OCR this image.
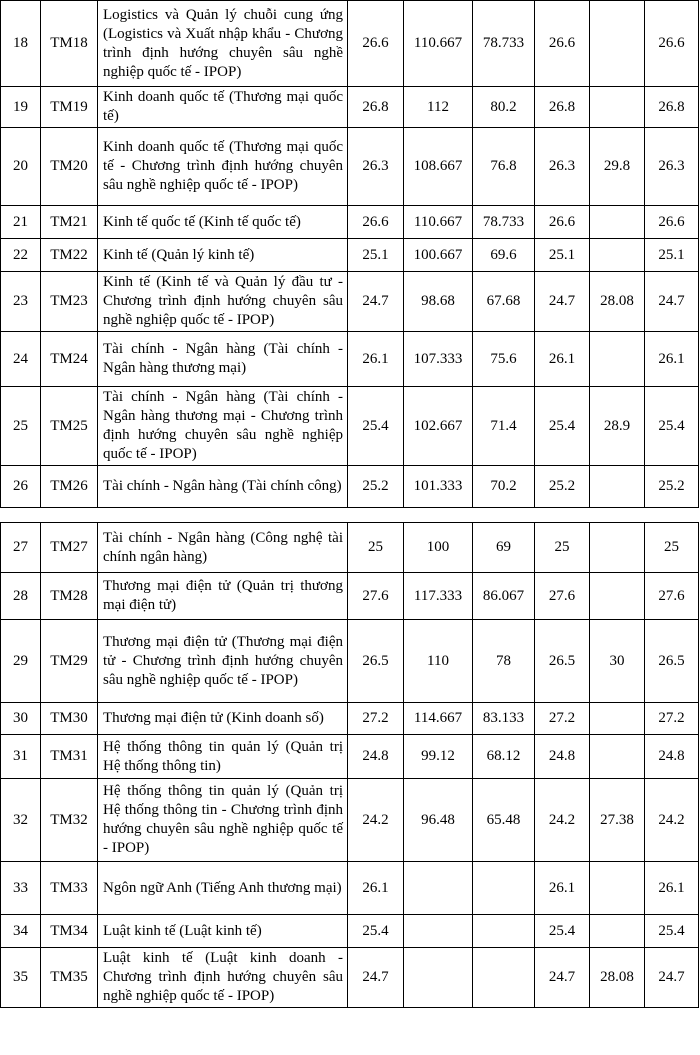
18	TM18	Logistics và Quản lý chuỗi cung ứng (Logistics và Xuất nhập khẩu - Chương trình định hướng chuyên sâu nghề nghiệp quốc tế - IPOP)	26.6	110.667	78.733	26.6		26.6
19	TM19	Kinh doanh quốc tế (Thương mại quốc tế)	26.8	112	80.2	26.8		26.8
20	TM20	Kinh doanh quốc tế (Thương mại quốc tế - Chương trình định hướng chuyên sâu nghề nghiệp quốc tế - IPOP)	26.3	108.667	76.8	26.3	29.8	26.3
21	TM21	Kinh tế quốc tế (Kinh tế quốc tế)	26.6	110.667	78.733	26.6		26.6
22	TM22	Kinh tế (Quản lý kinh tế)	25.1	100.667	69.6	25.1		25.1
23	TM23	Kinh tế (Kinh tế và Quản lý đầu tư - Chương trình định hướng chuyên sâu nghề nghiệp quốc tế - IPOP)	24.7	98.68	67.68	24.7	28.08	24.7
24	TM24	Tài chính - Ngân hàng (Tài chính - Ngân hàng thương mại)	26.1	107.333	75.6	26.1		26.1
25	TM25	Tài chính - Ngân hàng (Tài chính - Ngân hàng thương mại - Chương trình định hướng chuyên sâu nghề nghiệp quốc tế - IPOP)	25.4	102.667	71.4	25.4	28.9	25.4
26	TM26	Tài chính - Ngân hàng (Tài chính công)	25.2	101.333	70.2	25.2		25.2
27	TM27	Tài chính - Ngân hàng (Công nghệ tài chính ngân hàng)	25	100	69	25		25
28	TM28	Thương mại điện tử (Quản trị thương mại điện tử)	27.6	117.333	86.067	27.6		27.6
29	TM29	Thương mại điện tử (Thương mại điện tử - Chương trình định hướng chuyên sâu nghề nghiệp quốc tế - IPOP)	26.5	110	78	26.5	30	26.5
30	TM30	Thương mại điện tử (Kinh doanh số)	27.2	114.667	83.133	27.2		27.2
31	TM31	Hệ thống thông tin quản lý (Quản trị Hệ thống thông tin)	24.8	99.12	68.12	24.8		24.8
32	TM32	Hệ thống thông tin quản lý (Quản trị Hệ thống thông tin - Chương trình định hướng chuyên sâu nghề nghiệp quốc tế - IPOP)	24.2	96.48	65.48	24.2	27.38	24.2
33	TM33	Ngôn ngữ Anh (Tiếng Anh thương mại)	26.1			26.1		26.1
34	TM34	Luật kinh tế (Luật kinh tế)	25.4			25.4		25.4
35	TM35	Luật kinh tế (Luật kinh doanh - Chương trình định hướng chuyên sâu nghề nghiệp quốc tế - IPOP)	24.7			24.7	28.08	24.7
